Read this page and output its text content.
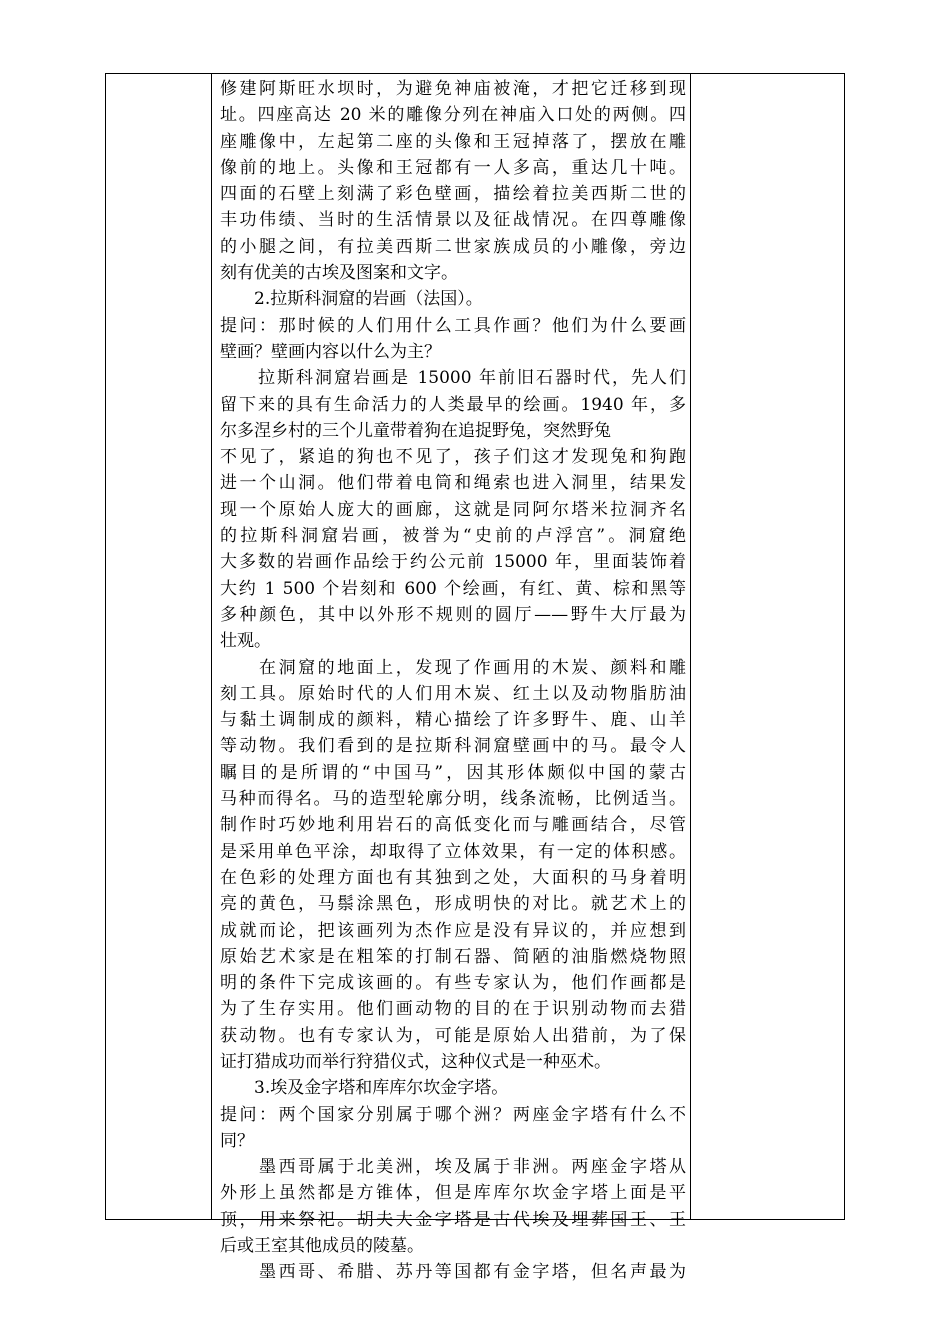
修建阿斯旺水坝时，为避免神庙被淹，才把它迁移到现
址。四座高达 20 米的雕像分列在神庙入口处的两侧。四
座雕像中，左起第二座的头像和王冠掉落了，摆放在雕
像前的地上。头像和王冠都有一人多高，重达几十吨。
四面的石壁上刻满了彩色壁画，描绘着拉美西斯二世的
丰功伟绩、当时的生活情景以及征战情况。在四尊雕像
的小腿之间，有拉美西斯二世家族成员的小雕像，旁边
刻有优美的古埃及图案和文字。
　　2.拉斯科洞窟的岩画（法国）。
提问：那时候的人们用什么工具作画？他们为什么要画
壁画？壁画内容以什么为主？
　　拉斯科洞窟岩画是 15000 年前旧石器时代，先人们
留下来的具有生命活力的人类最早的绘画。1940 年，多
尔多涅乡村的三个儿童带着狗在追捉野兔，突然野兔
不见了，紧追的狗也不见了，孩子们这才发现兔和狗跑
进一个山洞。他们带着电筒和绳索也进入洞里，结果发
现一个原始人庞大的画廊，这就是同阿尔塔米拉洞齐名
的拉斯科洞窟岩画，被誉为“史前的卢浮宫”。洞窟绝
大多数的岩画作品绘于约公元前 15000 年，里面装饰着
大约 1 500 个岩刻和 600 个绘画，有红、黄、棕和黑等
多种颜色，其中以外形不规则的圆厅——野牛大厅最为
壮观。
　　在洞窟的地面上，发现了作画用的木炭、颜料和雕
刻工具。原始时代的人们用木炭、红土以及动物脂肪油
与黏土调制成的颜料，精心描绘了许多野牛、鹿、山羊
等动物。我们看到的是拉斯科洞窟壁画中的马。最令人
瞩目的是所谓的“中国马”，因其形体颇似中国的蒙古
马种而得名。马的造型轮廓分明，线条流畅，比例适当。
制作时巧妙地利用岩石的高低变化而与雕画结合，尽管
是采用单色平涂，却取得了立体效果，有一定的体积感。
在色彩的处理方面也有其独到之处，大面积的马身着明
亮的黄色，马鬃涂黑色，形成明快的对比。就艺术上的
成就而论，把该画列为杰作应是没有异议的，并应想到
原始艺术家是在粗笨的打制石器、简陋的油脂燃烧物照
明的条件下完成该画的。有些专家认为，他们作画都是
为了生存实用。他们画动物的目的在于识别动物而去猎
获动物。也有专家认为，可能是原始人出猎前，为了保
证打猎成功而举行狩猎仪式，这种仪式是一种巫术。
　　3.埃及金字塔和库库尔坎金字塔。
提问：两个国家分别属于哪个洲？两座金字塔有什么不
同？
　　墨西哥属于北美洲，埃及属于非洲。两座金字塔从
外形上虽然都是方锥体，但是库库尔坎金字塔上面是平
顶，用来祭祀。胡夫大金字塔是古代埃及埋葬国王、王
后或王室其他成员的陵墓。
　　墨西哥、希腊、苏丹等国都有金字塔，但名声最为
